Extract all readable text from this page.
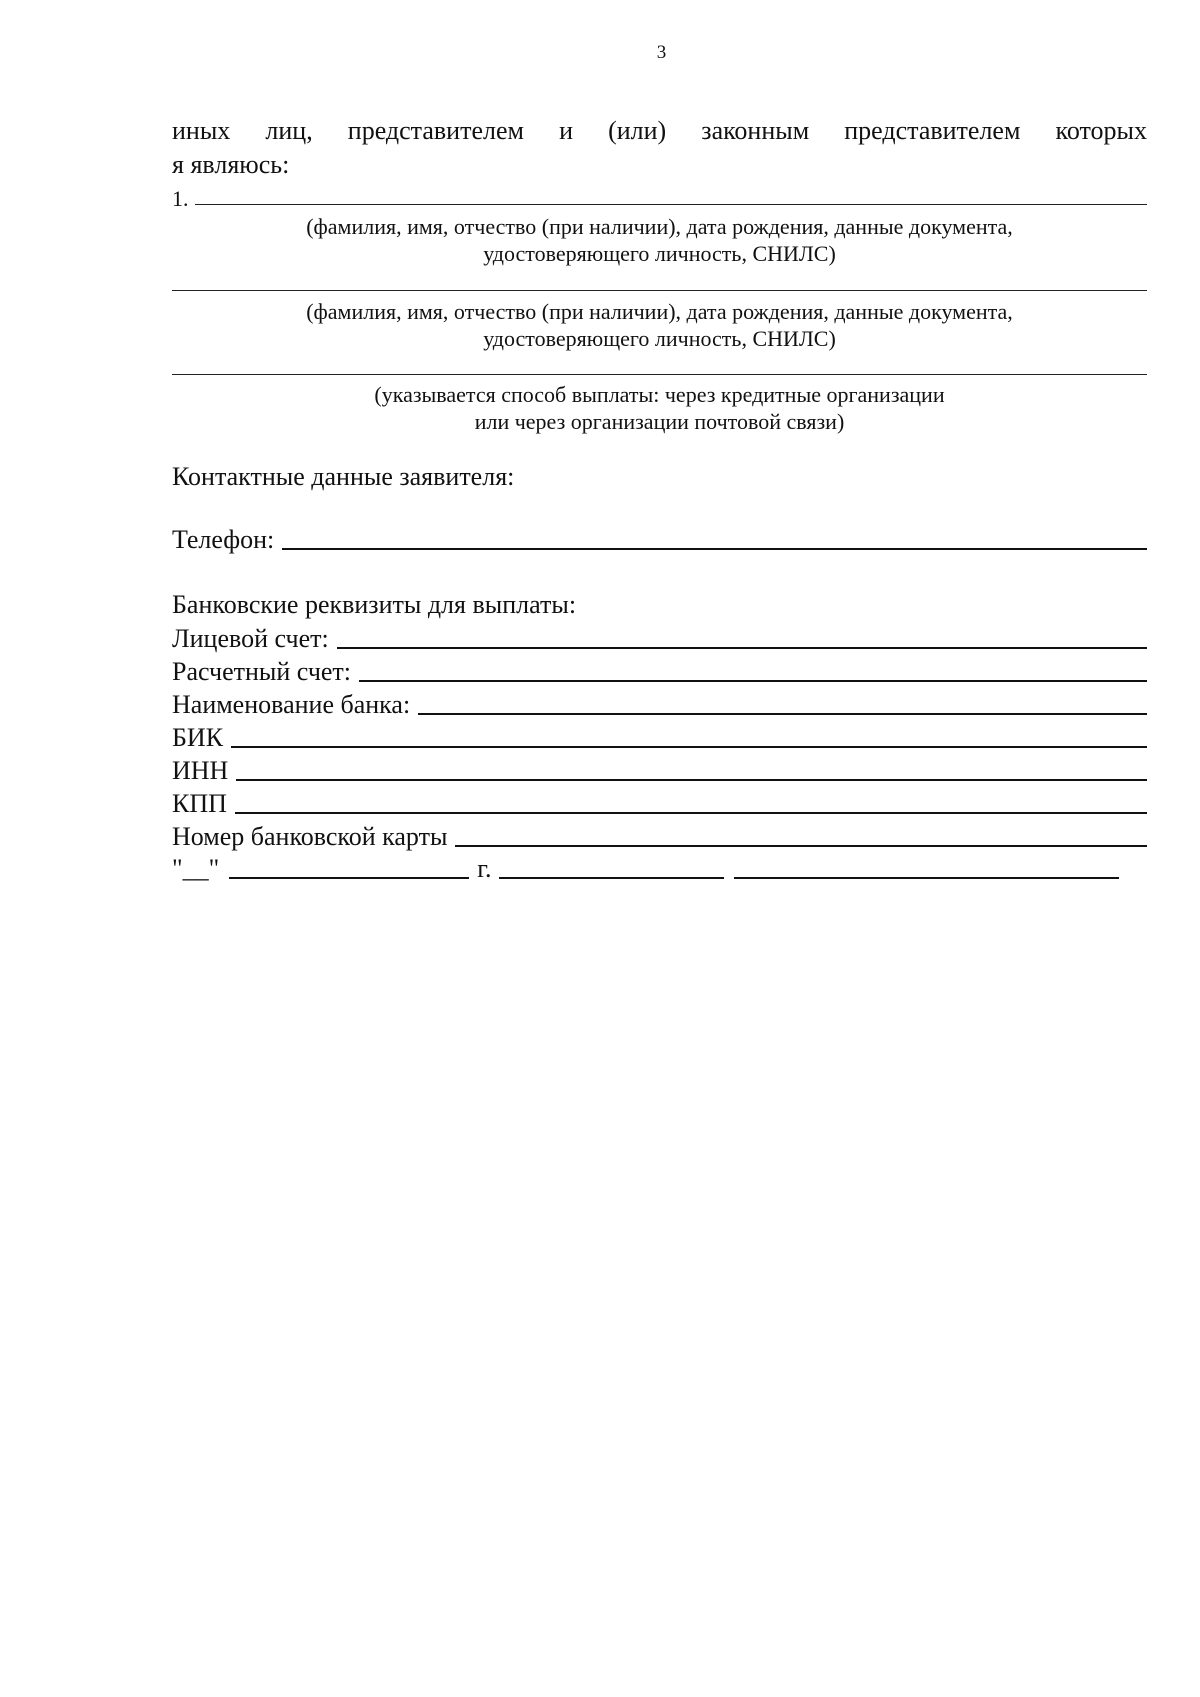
3
иных лиц, представителем и (или) законным представителем которых
я являюсь:
1.
(фамилия, имя, отчество (при наличии), дата рождения, данные документа,
удостоверяющего личность, СНИЛС)
(фамилия, имя, отчество (при наличии), дата рождения, данные документа,
удостоверяющего личность, СНИЛС)
(указывается способ выплаты: через кредитные организации
или через организации почтовой связи)
Контактные данные заявителя:
Телефон:
Банковские реквизиты для выплаты:
Лицевой счет:
Расчетный счет:
Наименование банка:
БИК
ИНН
КПП
Номер банковской карты
"__"	г.
